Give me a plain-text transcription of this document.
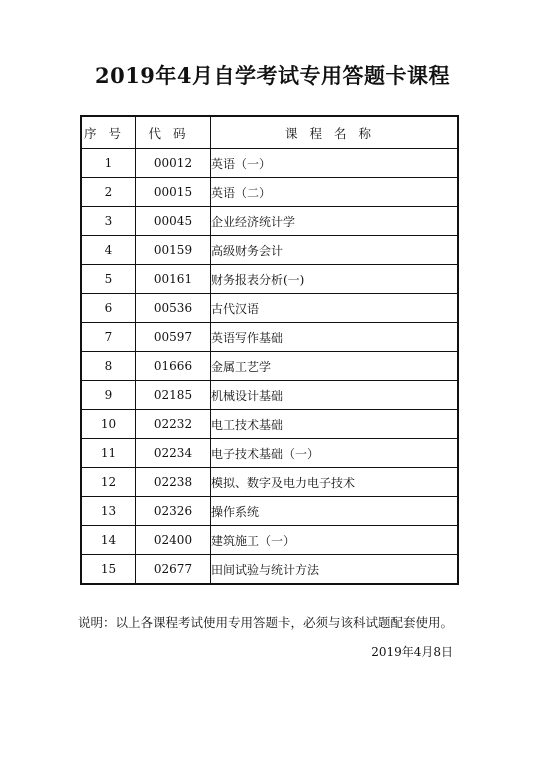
2019年4月自学考试专用答题卡课程
序号	代码	课程名称
1	00012	英语（一）
2	00015	英语（二）
3	00045	企业经济统计学
4	00159	高级财务会计
5	00161	财务报表分析(一)
6	00536	古代汉语
7	00597	英语写作基础
8	01666	金属工艺学
9	02185	机械设计基础
10	02232	电工技术基础
11	02234	电子技术基础（一）
12	02238	模拟、数字及电力电子技术
13	02326	操作系统
14	02400	建筑施工（一）
15	02677	田间试验与统计方法
说明：以上各课程考试使用专用答题卡，必须与该科试题配套使用。
2019年4月8日
